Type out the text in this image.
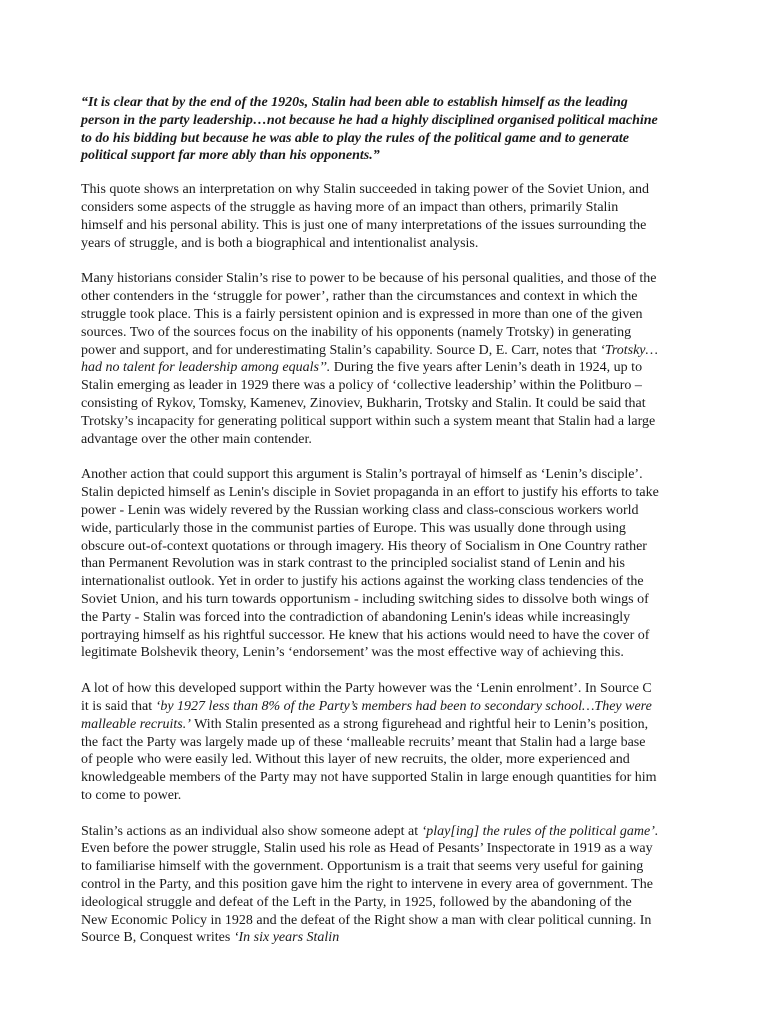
“It is clear that by the end of the 1920s, Stalin had been able to establish himself as the leading person in the party leadership…not because he had a highly disciplined organised political machine to do his bidding but because he was able to play the rules of the political game and to generate political support far more ably than his opponents.”

This quote shows an interpretation on why Stalin succeeded in taking power of the Soviet Union, and considers some aspects of the struggle as having more of an impact than others, primarily Stalin himself and his personal ability. This is just one of many interpretations of the issues surrounding the years of struggle, and is both a biographical and intentionalist analysis.

Many historians consider Stalin’s rise to power to be because of his personal qualities, and those of the other contenders in the ‘struggle for power’, rather than the circumstances and context in which the struggle took place. This is a fairly persistent opinion and is expressed in more than one of the given sources. Two of the sources focus on the inability of his opponents (namely Trotsky) in generating power and support, and for underestimating Stalin’s capability. Source D, E. Carr, notes that ‘Trotsky…had no talent for leadership among equals’’. During the five years after Lenin’s death in 1924, up to Stalin emerging as leader in 1929 there was a policy of ‘collective leadership’ within the Politburo – consisting of Rykov, Tomsky, Kamenev, Zinoviev, Bukharin, Trotsky and Stalin. It could be said that Trotsky’s incapacity for generating political support within such a system meant that Stalin had a large advantage over the other main contender.

Another action that could support this argument is Stalin’s portrayal of himself as ‘Lenin’s disciple’. Stalin depicted himself as Lenin's disciple in Soviet propaganda in an effort to justify his efforts to take power - Lenin was widely revered by the Russian working class and class-conscious workers world wide, particularly those in the communist parties of Europe. This was usually done through using obscure out-of-context quotations or through imagery. His theory of Socialism in One Country rather than Permanent Revolution was in stark contrast to the principled socialist stand of Lenin and his internationalist outlook. Yet in order to justify his actions against the working class tendencies of the Soviet Union, and his turn towards opportunism - including switching sides to dissolve both wings of the Party - Stalin was forced into the contradiction of abandoning Lenin's ideas while increasingly portraying himself as his rightful successor. He knew that his actions would need to have the cover of legitimate Bolshevik theory, Lenin’s ‘endorsement’ was the most effective way of achieving this.

A lot of how this developed support within the Party however was the ‘Lenin enrolment’. In Source C it is said that ‘by 1927 less than 8% of the Party’s members had been to secondary school…They were malleable recruits.’ With Stalin presented as a strong figurehead and rightful heir to Lenin’s position, the fact the Party was largely made up of these ‘malleable recruits’ meant that Stalin had a large base of people who were easily led. Without this layer of new recruits, the older, more experienced and knowledgeable members of the Party may not have supported Stalin in large enough quantities for him to come to power.

Stalin’s actions as an individual also show someone adept at ‘play[ing] the rules of the political game’. Even before the power struggle, Stalin used his role as Head of Pesants’ Inspectorate in 1919 as a way to familiarise himself with the government. Opportunism is a trait that seems very useful for gaining control in the Party, and this position gave him the right to intervene in every area of government. The ideological struggle and defeat of the Left in the Party, in 1925, followed by the abandoning of the New Economic Policy in 1928 and the defeat of the Right show a man with clear political cunning. In Source B, Conquest writes ‘In six years Stalin
